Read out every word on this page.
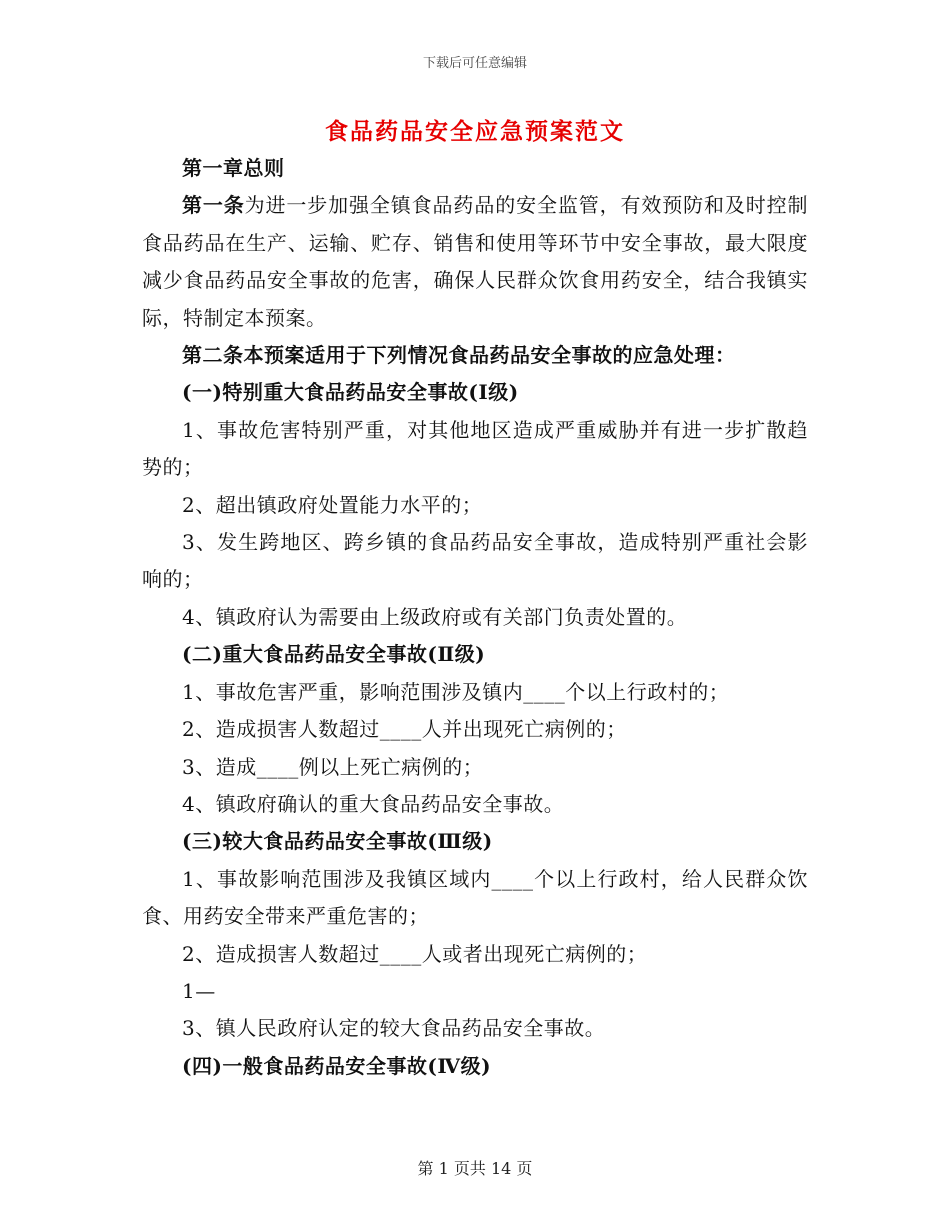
下载后可任意编辑
食品药品安全应急预案范文

第一章总则

第一条为进一步加强全镇食品药品的安全监管，有效预防和及时控制食品药品在生产、运输、贮存、销售和使用等环节中安全事故，最大限度减少食品药品安全事故的危害，确保人民群众饮食用药安全，结合我镇实际，特制定本预案。

第二条本预案适用于下列情况食品药品安全事故的应急处理：

(一)特别重大食品药品安全事故(Ⅰ级)

1、事故危害特别严重，对其他地区造成严重威胁并有进一步扩散趋势的；

2、超出镇政府处置能力水平的；

3、发生跨地区、跨乡镇的食品药品安全事故，造成特别严重社会影响的；

4、镇政府认为需要由上级政府或有关部门负责处置的。

(二)重大食品药品安全事故(Ⅱ级)

1、事故危害严重，影响范围涉及镇内____个以上行政村的；

2、造成损害人数超过____人并出现死亡病例的；

3、造成____例以上死亡病例的；

4、镇政府确认的重大食品药品安全事故。

(三)较大食品药品安全事故(Ⅲ级)

1、事故影响范围涉及我镇区域内____个以上行政村，给人民群众饮食、用药安全带来严重危害的；

2、造成损害人数超过____人或者出现死亡病例的；

1—

3、镇人民政府认定的较大食品药品安全事故。

(四)一般食品药品安全事故(Ⅳ级)

第 1 页共 14 页
